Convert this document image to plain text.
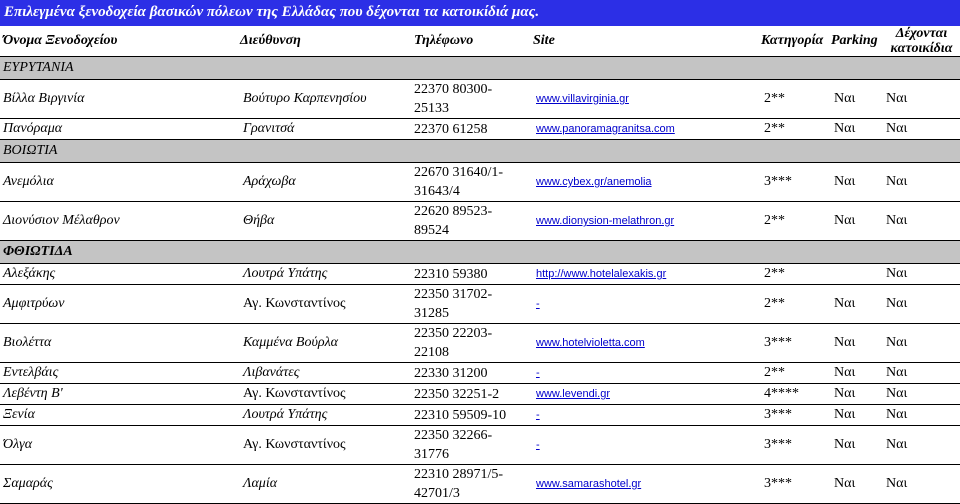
Επιλεγμένα ξενοδοχεία βασικών πόλεων της Ελλάδας που δέχονται τα κατοικίδιά μας.
Όνομα Ξενοδοχείου	Διεύθυνση	Τηλέφωνο	Site	Κατηγορία	Parking	Δέχονται
κατοικίδια

ΕΥΡΥΤΑΝΙΑ						
Βίλλα Βιργινία	Βούτυρο Καρπενησίου	22370 80300-
25133	www.villavirginia.gr	2**	Ναι	Ναι
Πανόραμα	Γρανιτσά	22370 61258	www.panoramagranitsa.com	2**	Ναι	Ναι
ΒΟΙΩΤΙΑ						
Ανεμόλια	Αράχωβα	22670 31640/1-
31643/4	www.cybex.gr/anemolia	3***	Ναι	Ναι
Διονύσιον Μέλαθρον	Θήβα	22620 89523-
89524	www.dionysion-melathron.gr	2**	Ναι	Ναι
ΦΘΙΩΤΙΔΑ						
Αλεξάκης	Λουτρά Υπάτης	22310 59380	http://www.hotelalexakis.gr	2**		Ναι
Αμφιτρύων	Αγ. Κωνσταντίνος	22350 31702-
31285	-	2**	Ναι	Ναι
Βιολέττα	Καμμένα Βούρλα	22350 22203-
22108	www.hotelvioletta.com	3***	Ναι	Ναι
Εντελβάις	Λιβανάτες	22330 31200	-	2**	Ναι	Ναι
Λεβέντη Β'	Αγ. Κωνσταντίνος	22350 32251-2	www.levendi.gr	4****	Ναι	Ναι
Ξενία	Λουτρά Υπάτης	22310 59509-10	-	3***	Ναι	Ναι
Όλγα	Αγ. Κωνσταντίνος	22350 32266-
31776	-	3***	Ναι	Ναι
Σαμαράς	Λαμία	22310 28971/5-
42701/3	www.samarashotel.gr	3***	Ναι	Ναι
